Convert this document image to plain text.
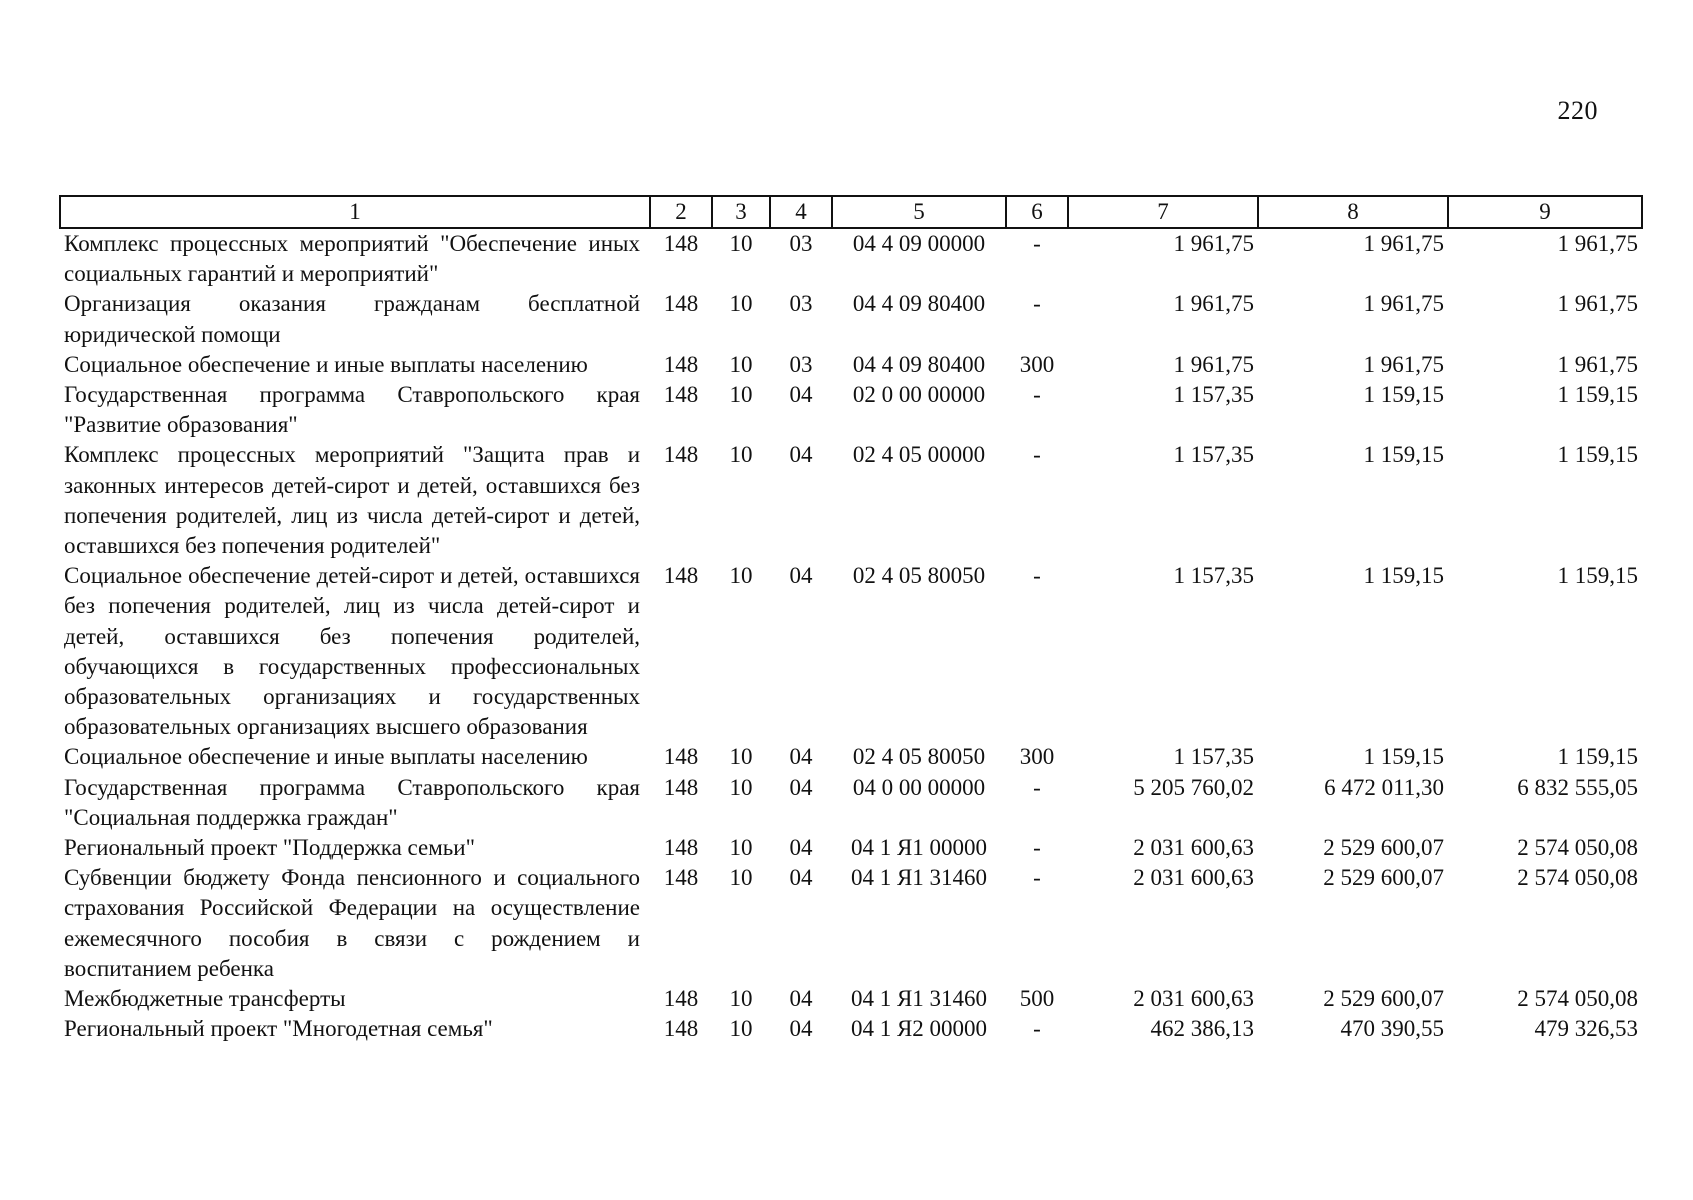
220
1	2	3	4	5	6	7	8	9
Комплекс процессных мероприятий "Обеспечение иных социальных гарантий и мероприятий"	148	10	03	04 4 09 00000	-	1 961,75	1 961,75	1 961,75
Организация оказания гражданам бесплатной юридической помощи	148	10	03	04 4 09 80400	-	1 961,75	1 961,75	1 961,75
Социальное обеспечение и иные выплаты населению	148	10	03	04 4 09 80400	300	1 961,75	1 961,75	1 961,75
Государственная программа Ставропольского края "Развитие образования"	148	10	04	02 0 00 00000	-	1 157,35	1 159,15	1 159,15
Комплекс процессных мероприятий "Защита прав и законных интересов детей-сирот и детей, оставшихся без попечения родителей, лиц из числа детей-сирот и детей, оставшихся без попечения родителей"	148	10	04	02 4 05 00000	-	1 157,35	1 159,15	1 159,15
Социальное обеспечение детей-сирот и детей, оставшихся без попечения родителей, лиц из числа детей-сирот и детей, оставшихся без попечения родителей, обучающихся в государственных профессиональных образовательных организациях и государственных образовательных организациях высшего образования	148	10	04	02 4 05 80050	-	1 157,35	1 159,15	1 159,15
Социальное обеспечение и иные выплаты населению	148	10	04	02 4 05 80050	300	1 157,35	1 159,15	1 159,15
Государственная программа Ставропольского края "Социальная поддержка граждан"	148	10	04	04 0 00 00000	-	5 205 760,02	6 472 011,30	6 832 555,05
Региональный проект "Поддержка семьи"	148	10	04	04 1 Я1 00000	-	2 031 600,63	2 529 600,07	2 574 050,08
Субвенции бюджету Фонда пенсионного и социального страхования Российской Федерации на осуществление ежемесячного пособия в связи с рождением и воспитанием ребенка	148	10	04	04 1 Я1 31460	-	2 031 600,63	2 529 600,07	2 574 050,08
Межбюджетные трансферты	148	10	04	04 1 Я1 31460	500	2 031 600,63	2 529 600,07	2 574 050,08
Региональный проект "Многодетная семья"	148	10	04	04 1 Я2 00000	-	462 386,13	470 390,55	479 326,53
